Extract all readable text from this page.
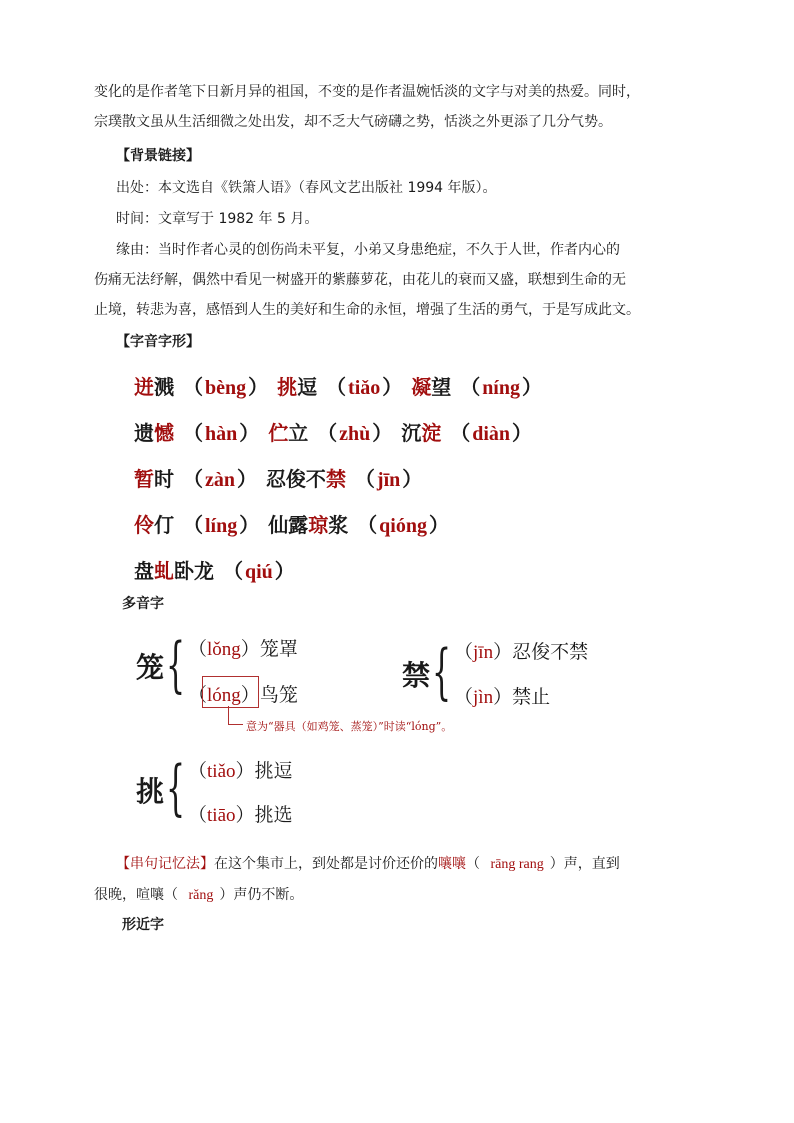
变化的是作者笔下日新月异的祖国，不变的是作者温婉恬淡的文字与对美的热爱。同时，
宗璞散文虽从生活细微之处出发，却不乏大气磅礴之势，恬淡之外更添了几分气势。
【背景链接】
出处：本文选自《铁箫人语》（春风文艺出版社 1994 年版）。
时间：文章写于 1982 年 5 月。
缘由：当时作者心灵的创伤尚未平复，小弟又身患绝症，不久于人世，作者内心的
伤痛无法纾解，偶然中看见一树盛开的紫藤萝花，由花儿的衰而又盛，联想到生命的无
止境，转悲为喜，感悟到人生的美好和生命的永恒，增强了生活的勇气，于是写成此文。
【字音字形】
迸溅 （ bèng ） 挑逗 （ tiǎo ） 凝望 （ níng ）
遗憾 （ hàn ） 伫立 （ zhù ） 沉淀 （ diàn ）
暂时 （ zàn ） 忍俊不禁 （ jīn ）
伶仃 （ líng ） 仙露琼浆 （ qióng ）
盘虬卧龙 （ qiú ）
多音字
笼 { （lǒng）笼罩
（lóng）鸟笼
意为“器具（如鸡笼、蒸笼）”时读“lóng”。
禁 { （jīn）忍俊不禁
（jìn）禁止
挑 { （tiǎo）挑逗
（tiāo）挑选
【串句记忆法】在这个集市上，到处都是讨价还价的嚷嚷（ rāng rang ）声，直到
很晚，喧嚷（ rǎng ）声仍不断。
形近字
